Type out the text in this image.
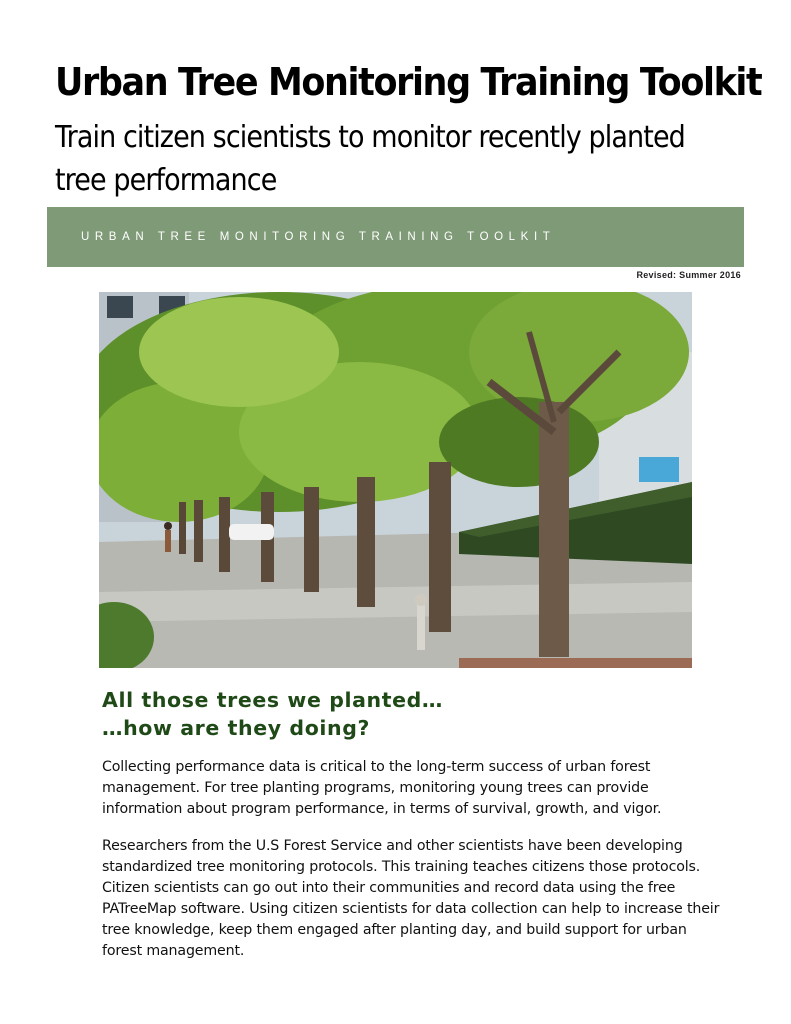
Urban Tree Monitoring Training Toolkit
Train citizen scientists to monitor recently planted tree performance
URBAN TREE MONITORING TRAINING TOOLKIT
Revised: Summer 2016
All those trees we planted…
…how are they doing?

Collecting performance data is critical to the long-term success of urban forest management. For tree planting programs, monitoring young trees can provide information about program performance, in terms of survival, growth, and vigor.

Researchers from the U.S Forest Service and other scientists have been developing standardized tree monitoring protocols. This training teaches citizens those protocols. Citizen scientists can go out into their communities and record data using the free PATreeMap software. Using citizen scientists for data collection can help to increase their tree knowledge, keep them engaged after planting day, and build support for urban forest management.
